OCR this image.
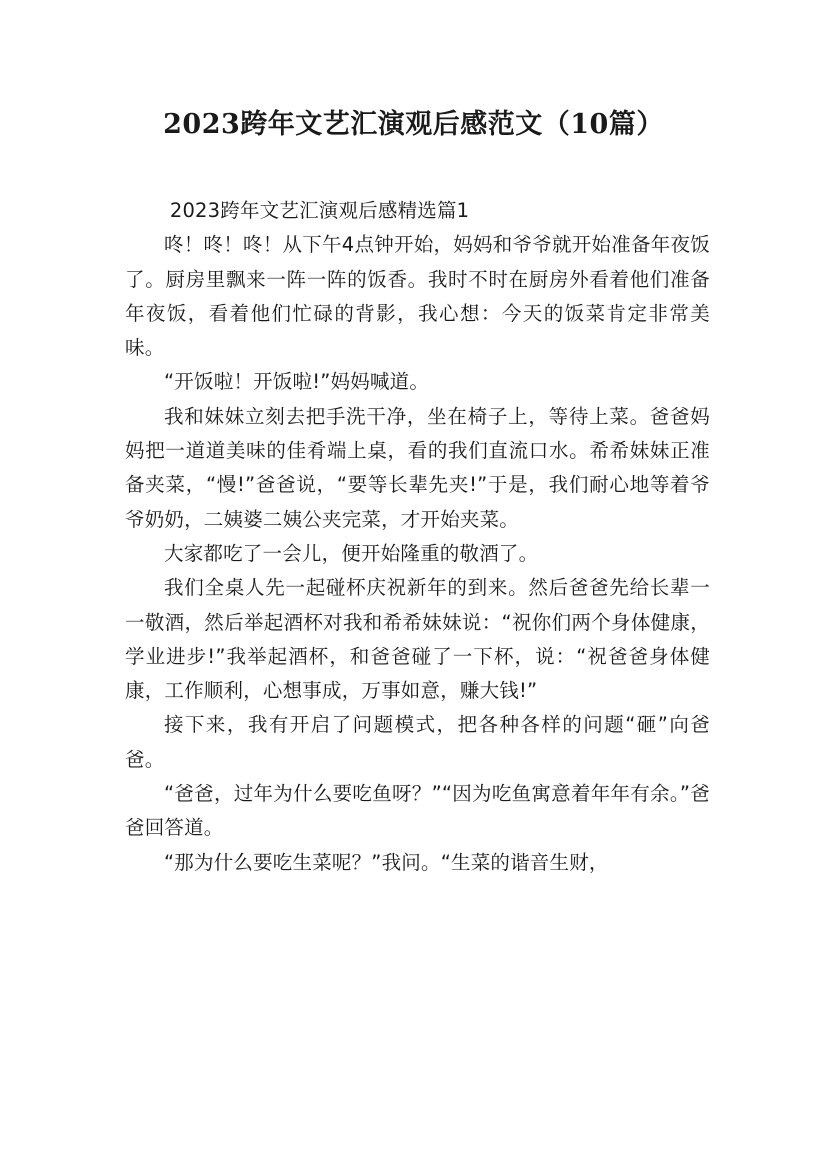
2023跨年文艺汇演观后感范文（10篇）

2023跨年文艺汇演观后感精选篇1

咚！咚！咚！从下午4点钟开始，妈妈和爷爷就开始准备年夜饭了。厨房里飘来一阵一阵的饭香。我时不时在厨房外看着他们准备年夜饭，看着他们忙碌的背影，我心想：今天的饭菜肯定非常美味。

“开饭啦！开饭啦!”妈妈喊道。

我和妹妹立刻去把手洗干净，坐在椅子上，等待上菜。爸爸妈妈把一道道美味的佳肴端上桌，看的我们直流口水。希希妹妹正准备夹菜，“慢!”爸爸说，“要等长辈先夹!”于是，我们耐心地等着爷爷奶奶，二姨婆二姨公夹完菜，才开始夹菜。

大家都吃了一会儿，便开始隆重的敬酒了。

我们全桌人先一起碰杯庆祝新年的到来。然后爸爸先给长辈一一敬酒，然后举起酒杯对我和希希妹妹说：“祝你们两个身体健康，学业进步!”我举起酒杯，和爸爸碰了一下杯，说：“祝爸爸身体健康，工作顺利，心想事成，万事如意，赚大钱!”

接下来，我有开启了问题模式，把各种各样的问题“砸”向爸爸。

“爸爸，过年为什么要吃鱼呀？”“因为吃鱼寓意着年年有余。”爸爸回答道。

“那为什么要吃生菜呢？”我问。“生菜的谐音生财，
